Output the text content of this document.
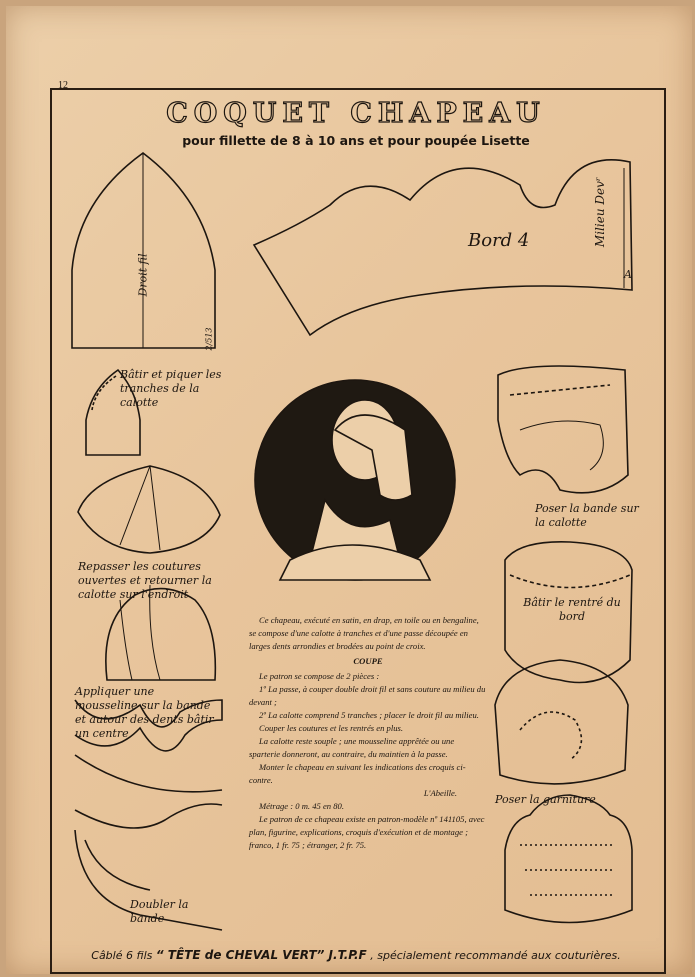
12
COQUET CHAPEAU
pour fillette de 8 à 10 ans et pour poupée Lisette
Droit fil
2/513
Bord 4	Milieu Devʳ
A
Bâtir et piquer les tranches de la calotte
Repasser les coutures ouvertes et retourner la calotte sur l'endroit
Appliquer une mousseline sur la bande et autour des dents bâtir un centre
Doubler la bande
Poser la bande sur la calotte
Bâtir le rentré du bord
Poser la garniture

Ce chapeau, exécuté en satin, en drap, en toile ou en bengaline, se compose d'une calotte à tranches et d'une passe découpée en larges dents arrondies et brodées au point de croix.

COUPE

Le patron se compose de 2 pièces :

1º La passe, à couper double droit fil et sans couture au milieu du devant ;

2º La calotte comprend 5 tranches ; placer le droit fil au milieu.

Couper les coutures et les rentrés en plus.

La calotte reste souple ; une mousseline apprêtée ou une sparterie donneront, au contraire, du maintien à la passe.

Monter le chapeau en suivant les indications des croquis ci-contre.

L'Abeille.

Métrage : 0 m. 45 en 80.

Le patron de ce chapeau existe en patron-modèle nº 141105, avec plan, figurine, explications, croquis d'exécution et de montage ; franco, 1 fr. 75 ; étranger, 2 fr. 75.

Câblé 6 fils “ TÊTE de CHEVAL VERT” J.T.P.F , spécialement recommandé aux couturières.
